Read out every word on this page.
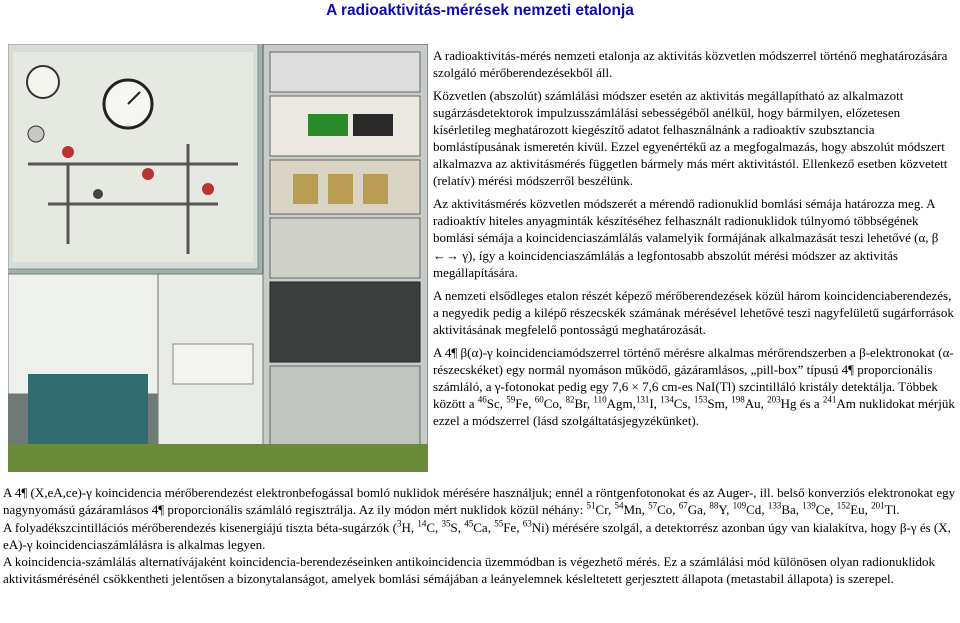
A radioaktivitás-mérések nemzeti etalonja

A radioaktivitás-mérés nemzeti etalonja az aktivitás közvetlen módszerrel történő meghatározására szolgáló mérőberendezésekből áll.

Közvetlen (abszolút) számlálási módszer esetén az aktivitás megállapítható az alkalmazott sugárzásdetektorok impulzusszámlálási sebességéből anélkül, hogy bármilyen, előzetesen kísérletileg meghatározott kiegészítő adatot felhasználnánk a radioaktív szubsztancia bomlástípusának ismeretén kívül. Ezzel egyenértékű az a megfogalmazás, hogy abszolút módszert alkalmazva az aktivitásmérés független bármely más mért aktivitástól. Ellenkező esetben közvetett (relatív) mérési módszerről beszélünk.

Az aktivitásmérés közvetlen módszerét a mérendő radionuklid bomlási sémája határozza meg. A radioaktív hiteles anyagminták készítéséhez felhasznált radionuklidok túlnyomó többségének bomlási sémája a koincidenciaszámlálás valamelyik formájának alkalmazását teszi lehetővé (α, β ←→ γ), így a koincidenciaszámlálás a legfontosabb abszolút mérési módszer az aktivitás megállapítására.

A nemzeti elsődleges etalon részét képező mérőberendezések közül három koincidenciaberendezés, a negyedik pedig a kilépő részecskék számának mérésével lehetővé teszi nagyfelületű sugárforrások aktivitásának megfelelő pontosságú meghatározását.

A 4¶ β(α)-γ koincidenciamódszerrel történő mérésre alkalmas mérőrendszerben a β-elektronokat (α-részecskéket) egy normál nyomáson működő, gázáramlásos, „pill-box” típusú 4¶ proporcionális számláló, a γ-fotonokat pedig egy 7,6 × 7,6 cm-es NaI(Tl) szcintilláló kristály detektálja. Többek között a $^{46}$Sc, $^{59}$Fe, $^{60}$Co, $^{82}$Br, $^{110}$Agm,$^{131}$I, $^{134}$Cs, $^{153}$Sm, $^{198}$Au, $^{203}$Hg és a $^{241}$Am nuklidokat mérjük ezzel a módszerrel (lásd szolgáltatásjegyzékünket).

A 4¶ (X,eA,ce)-γ koincidencia mérőberendezést elektronbefogással bomló nuklidok mérésére használjuk; ennél a röntgenfotonokat és az Auger-, ill. belső konverziós elektronokat egy nagynyomású gázáramlásos 4¶ proporcionális számláló regisztrálja. Az ily módon mért nuklidok közül néhány: $^{51}$Cr, $^{54}$Mn, $^{57}$Co, $^{67}$Ga, $^{88}$Y, $^{109}$Cd, $^{133}$Ba, $^{139}$Ce, $^{152}$Eu, $^{201}$Tl.

A folyadékszcintillációs mérőberendezés kisenergiájú tiszta béta-sugárzók ($^3$H, $^{14}$C, $^{35}$S, $^{45}$Ca, $^{55}$Fe, $^{63}$Ni) mérésére szolgál, a detektorrész azonban úgy van kialakítva, hogy β-γ és (X, eA)-γ koincidenciaszámlálásra is alkalmas legyen.

A koincidencia-számlálás alternatívájaként koincidencia-berendezéseinken antikoincidencia üzemmódban is végezhető mérés. Ez a számlálási mód különösen olyan radionuklidok aktivitásmérésénél csökkentheti jelentősen a bizonytalanságot, amelyek bomlási sémájában a leányelemnek késleltetett gerjesztett állapota (metastabil állapota) is szerepel.
